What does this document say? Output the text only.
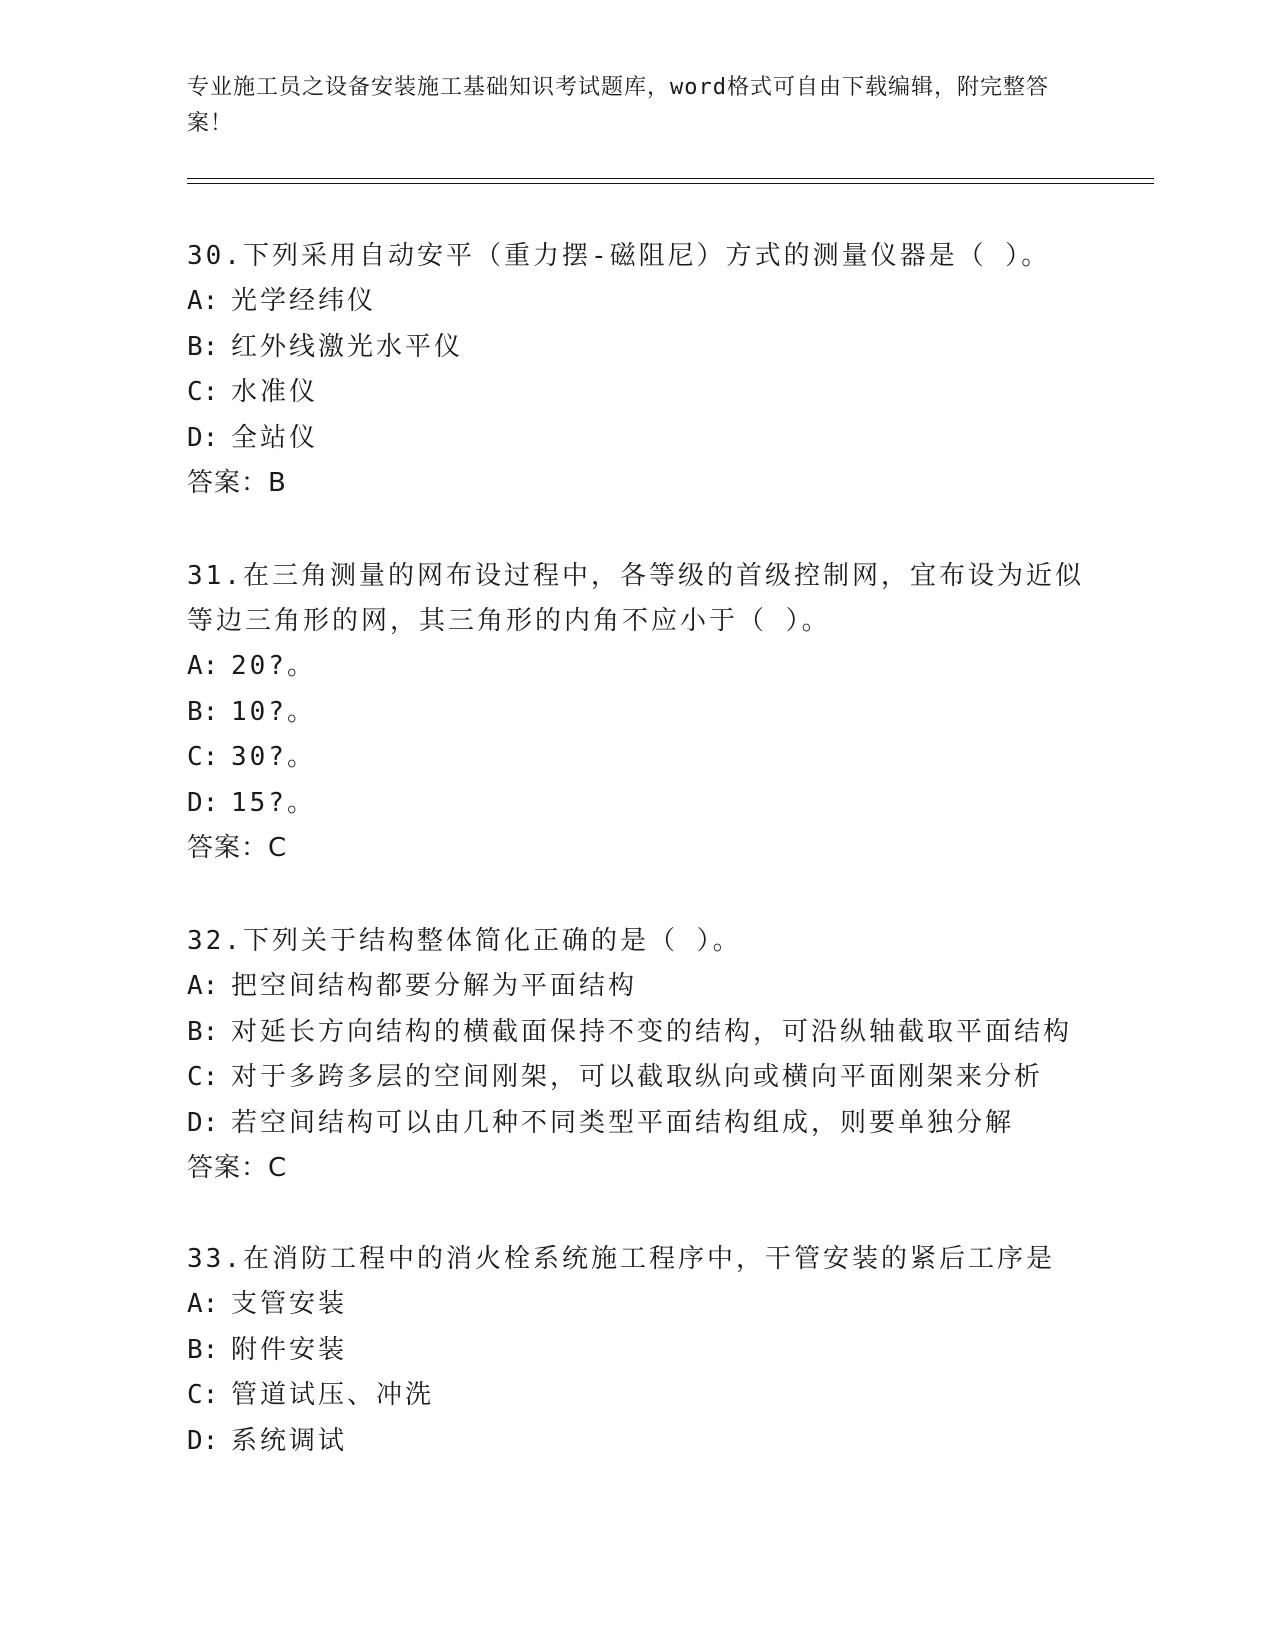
专业施工员之设备安装施工基础知识考试题库，word格式可自由下载编辑，附完整答案！

30.下列采用自动安平（重力摆-磁阻尼）方式的测量仪器是（ ）。

A: 光学经纬仪

B: 红外线激光水平仪

C: 水准仪

D: 全站仪

答案：B

31.在三角测量的网布设过程中，各等级的首级控制网，宜布设为近似等边三角形的网，其三角形的内角不应小于（ ）。

A: 20?。

B: 10?。

C: 30?。

D: 15?。

答案：C

32.下列关于结构整体简化正确的是（ ）。

A: 把空间结构都要分解为平面结构

B: 对延长方向结构的横截面保持不变的结构，可沿纵轴截取平面结构

C: 对于多跨多层的空间刚架，可以截取纵向或横向平面刚架来分析

D: 若空间结构可以由几种不同类型平面结构组成，则要单独分解

答案：C

33.在消防工程中的消火栓系统施工程序中，干管安装的紧后工序是

A: 支管安装

B: 附件安装

C: 管道试压、冲洗

D: 系统调试
